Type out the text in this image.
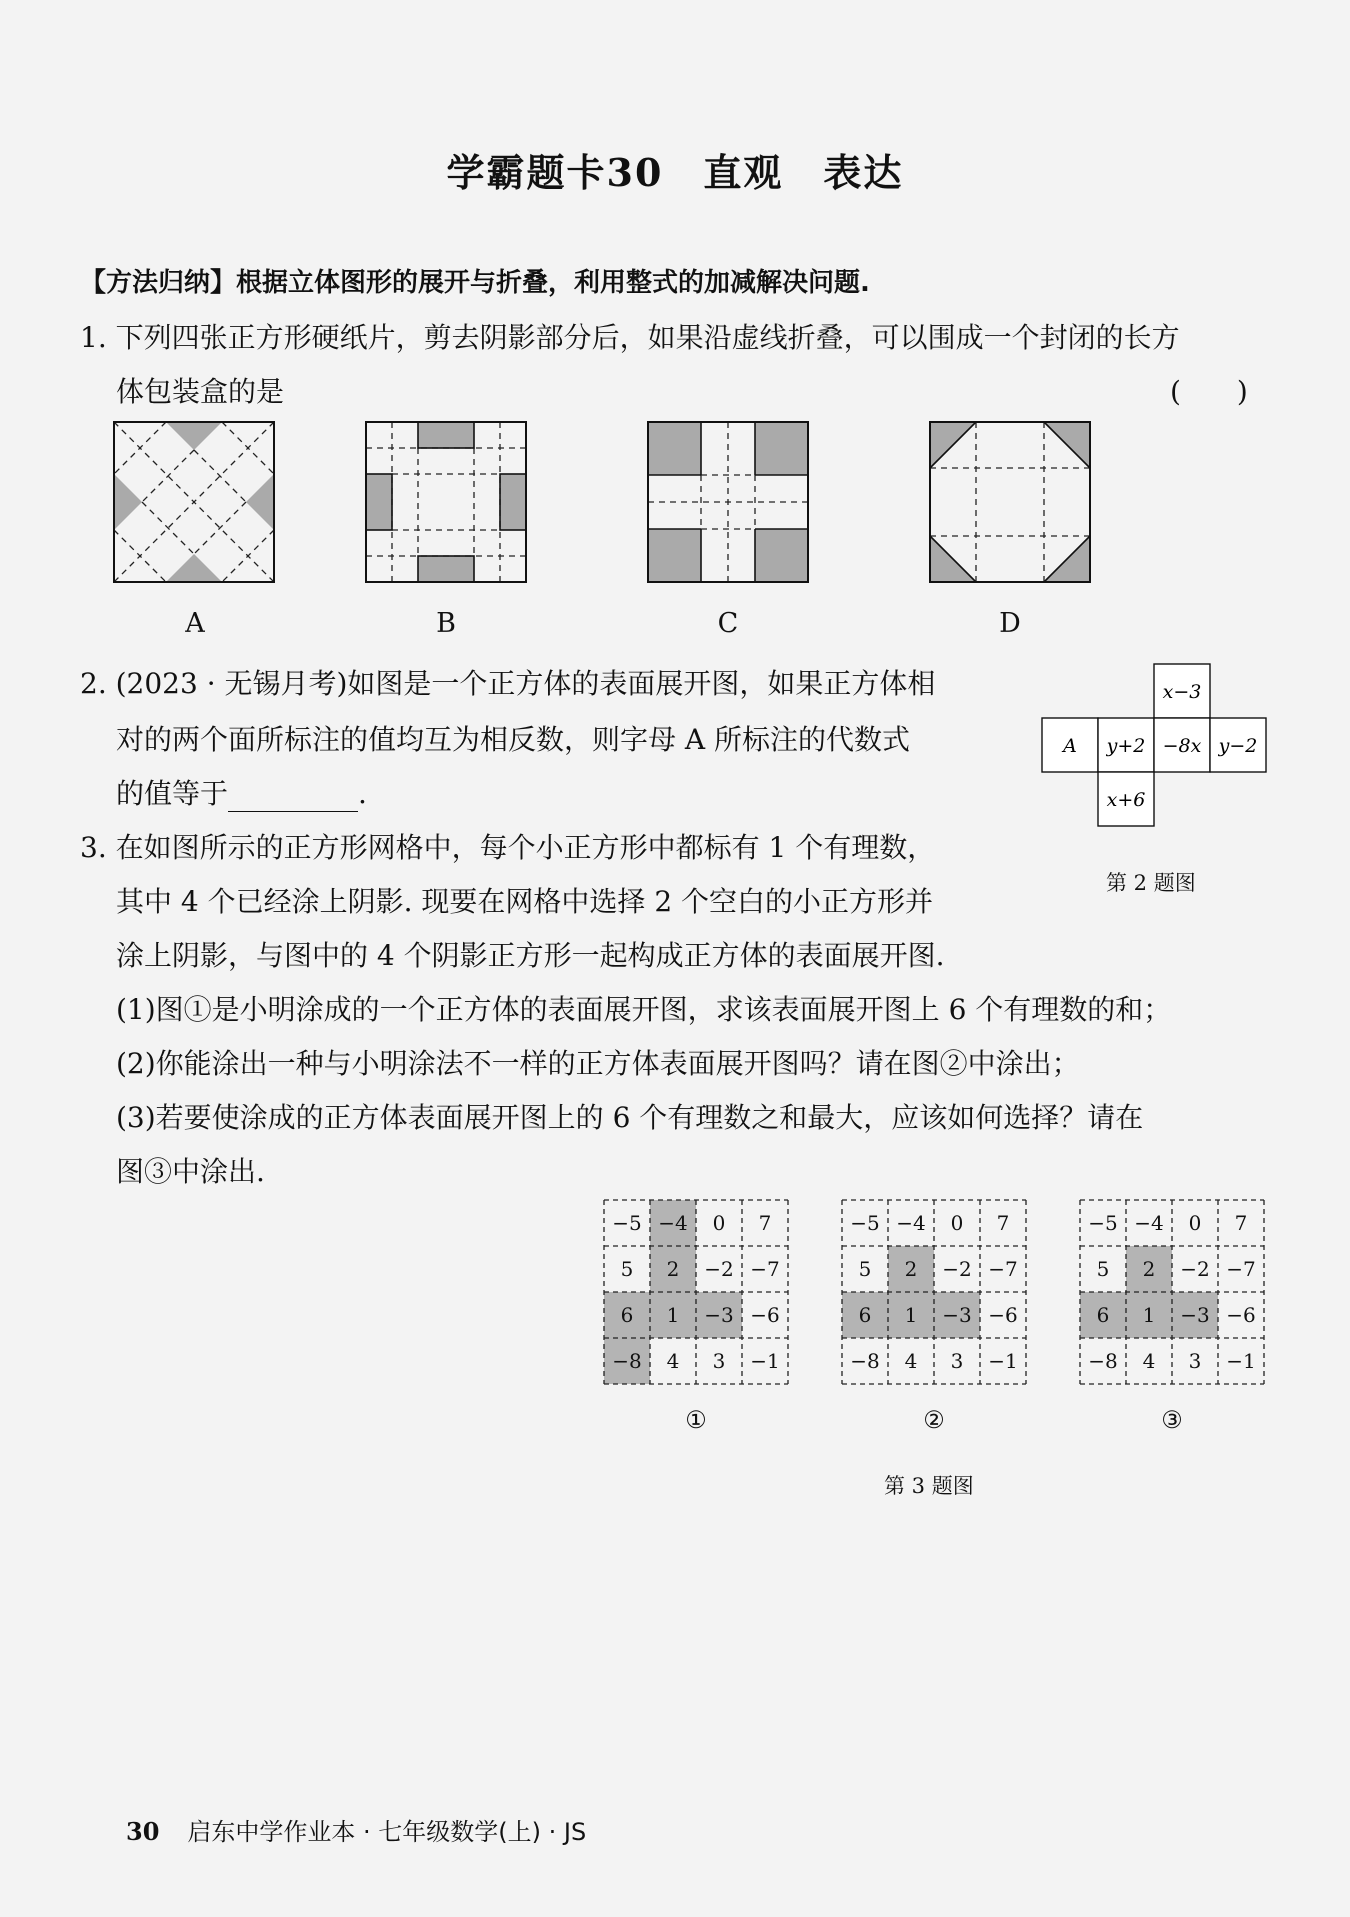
学霸题卡30　直观　表达
【方法归纳】根据立体图形的展开与折叠，利用整式的加减解决问题.
1. 下列四张正方形硬纸片，剪去阴影部分后，如果沿虚线折叠，可以围成一个封闭的长方
体包装盒的是	(　　)
A	B	C	D
2. (2023 · 无锡月考)如图是一个正方体的表面展开图，如果正方体相
对的两个面所标注的值均互为相反数，则字母 A 所标注的代数式
的值等于	.
x−3
A y+2 −8x y−2
x+6
第 2 题图
3. 在如图所示的正方形网格中，每个小正方形中都标有 1 个有理数，
其中 4 个已经涂上阴影. 现要在网格中选择 2 个空白的小正方形并
涂上阴影，与图中的 4 个阴影正方形一起构成正方体的表面展开图.
(1)图①是小明涂成的一个正方体的表面展开图，求该表面展开图上 6 个有理数的和；
(2)你能涂出一种与小明涂法不一样的正方体表面展开图吗？请在图②中涂出；
(3)若要使涂成的正方体表面展开图上的 6 个有理数之和最大，应该如何选择？请在
图③中涂出.
−5 −4 0 7
5 2 −2 −7
6 1 −3 −6
−8 4 3 −1
−5 −4 0 7
5 2 −2 −7
6 1 −3 −6
−8 4 3 −1
−5 −4 0 7
5 2 −2 −7
6 1 −3 −6
−8 4 3 −1
①	②	③
第 3 题图
30 启东中学作业本 · 七年级数学(上) · JS
